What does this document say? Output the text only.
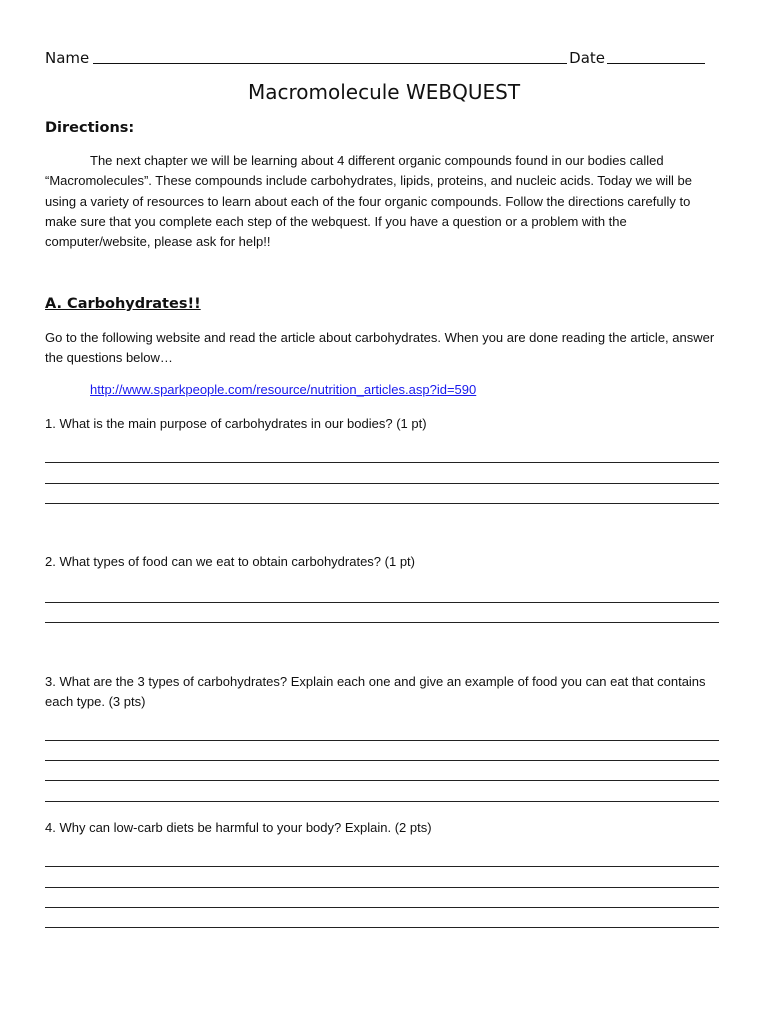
Name	Date
Macromolecule WEBQUEST
Directions:

The next chapter we will be learning about 4 different organic compounds found in our bodies called “Macromolecules”. These compounds include carbohydrates, lipids, proteins, and nucleic acids. Today we will be using a variety of resources to learn about each of the four organic compounds. Follow the directions carefully to make sure that you complete each step of the webquest. If you have a question or a problem with the computer/website, please ask for help!!

A. Carbohydrates!!

Go to the following website and read the article about carbohydrates. When you are done reading the article, answer the questions below…

http://www.sparkpeople.com/resource/nutrition_articles.asp?id=590

1. What is the main purpose of carbohydrates in our bodies? (1 pt)

2. What types of food can we eat to obtain carbohydrates? (1 pt)

3. What are the 3 types of carbohydrates? Explain each one and give an example of food you can eat that contains each type. (3 pts)

4. Why can low-carb diets be harmful to your body? Explain. (2 pts)
